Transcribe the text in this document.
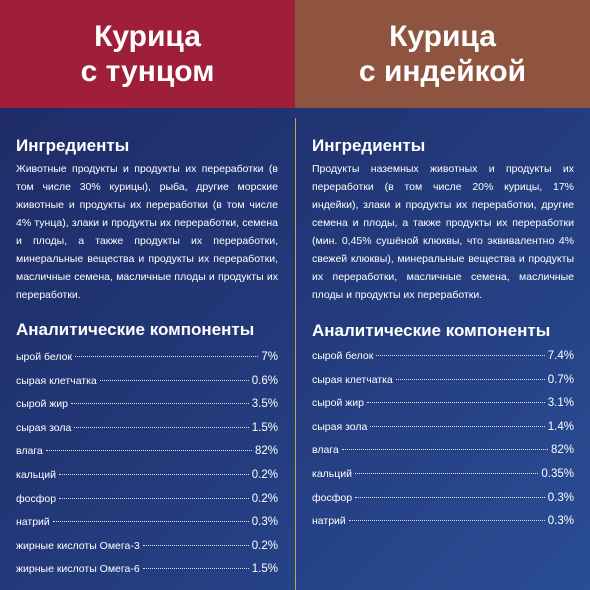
Курица
с тунцом
Курица
с индейкой
Ингредиенты
Животные продукты и продукты их переработки (в том числе 30% курицы), рыба, другие морские животные и продукты их переработки (в том числе 4% тунца), злаки и продукты их переработки, семена и плоды, а также продукты их переработки, минеральные вещества и продукты их переработки, масличные семена, масличные плоды и продукты их переработки.
Аналитические компоненты
ырой белок	7%
сырая клетчатка	0.6%
сырой жир	3.5%
сырая зола	1.5%
влага	82%
кальций	0.2%
фосфор	0.2%
натрий	0.3%
жирные кислоты Омега-3	0.2%
жирные кислоты Омега-6	1.5%
Ингредиенты
Продукты наземных животных и продукты их переработки (в том числе 20% курицы, 17% индейки), злаки и продукты их переработки, другие семена и плоды, а также продукты их переработки (мин. 0,45% сушёной клюквы, что эквивалентно 4% свежей клюквы), минеральные вещества и продукты их переработки, масличные семена, масличные плоды и продукты их переработки.
Аналитические компоненты
сырой белок	7.4%
сырая клетчатка	0.7%
сырой жир	3.1%
сырая зола	1.4%
влага	82%
кальций	0.35%
фосфор	0.3%
натрий	0.3%
